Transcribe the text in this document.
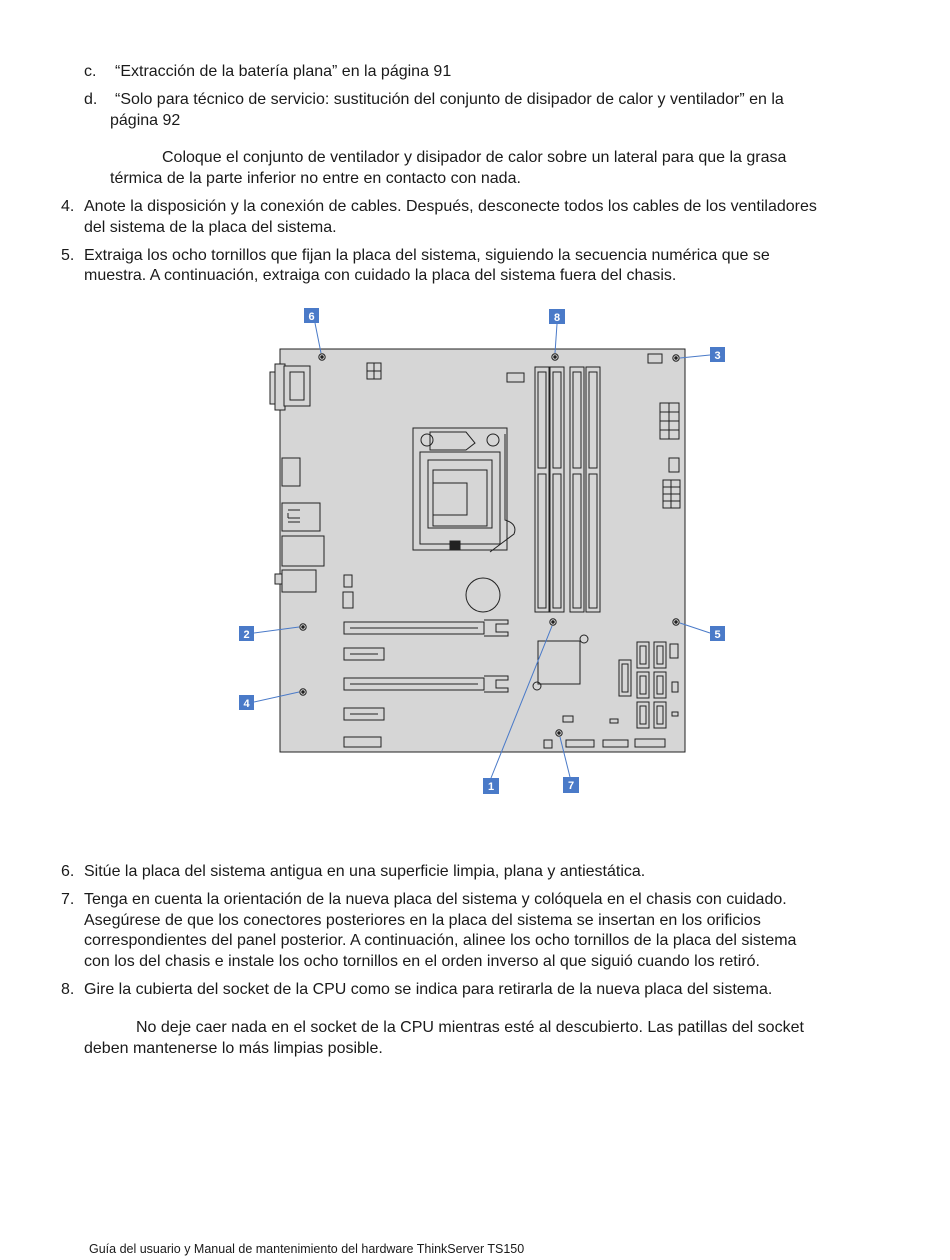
c. “Extracción de la batería plana” en la página 91
d. “Solo para técnico de servicio: sustitución del conjunto de disipador de calor y ventilador” en la
página 92
Coloque el conjunto de ventilador y disipador de calor sobre un lateral para que la grasa
térmica de la parte inferior no entre en contacto con nada.
4. Anote la disposición y la conexión de cables. Después, desconecte todos los cables de los ventiladores
del sistema de la placa del sistema.
5. Extraiga los ocho tornillos que fijan la placa del sistema, siguiendo la secuencia numérica que se
muestra. A continuación, extraiga con cuidado la placa del sistema fuera del chasis.
6	8
3
2	5
4
1	7
6. Sitúe la placa del sistema antigua en una superficie limpia, plana y antiestática.
7. Tenga en cuenta la orientación de la nueva placa del sistema y colóquela en el chasis con cuidado.
Asegúrese de que los conectores posteriores en la placa del sistema se insertan en los orificios
correspondientes del panel posterior. A continuación, alinee los ocho tornillos de la placa del sistema
con los del chasis e instale los ocho tornillos en el orden inverso al que siguió cuando los retiró.
8. Gire la cubierta del socket de la CPU como se indica para retirarla de la nueva placa del sistema.
No deje caer nada en el socket de la CPU mientras esté al descubierto. Las patillas del socket
deben mantenerse lo más limpias posible.
Guía del usuario y Manual de mantenimiento del hardware ThinkServer TS150
